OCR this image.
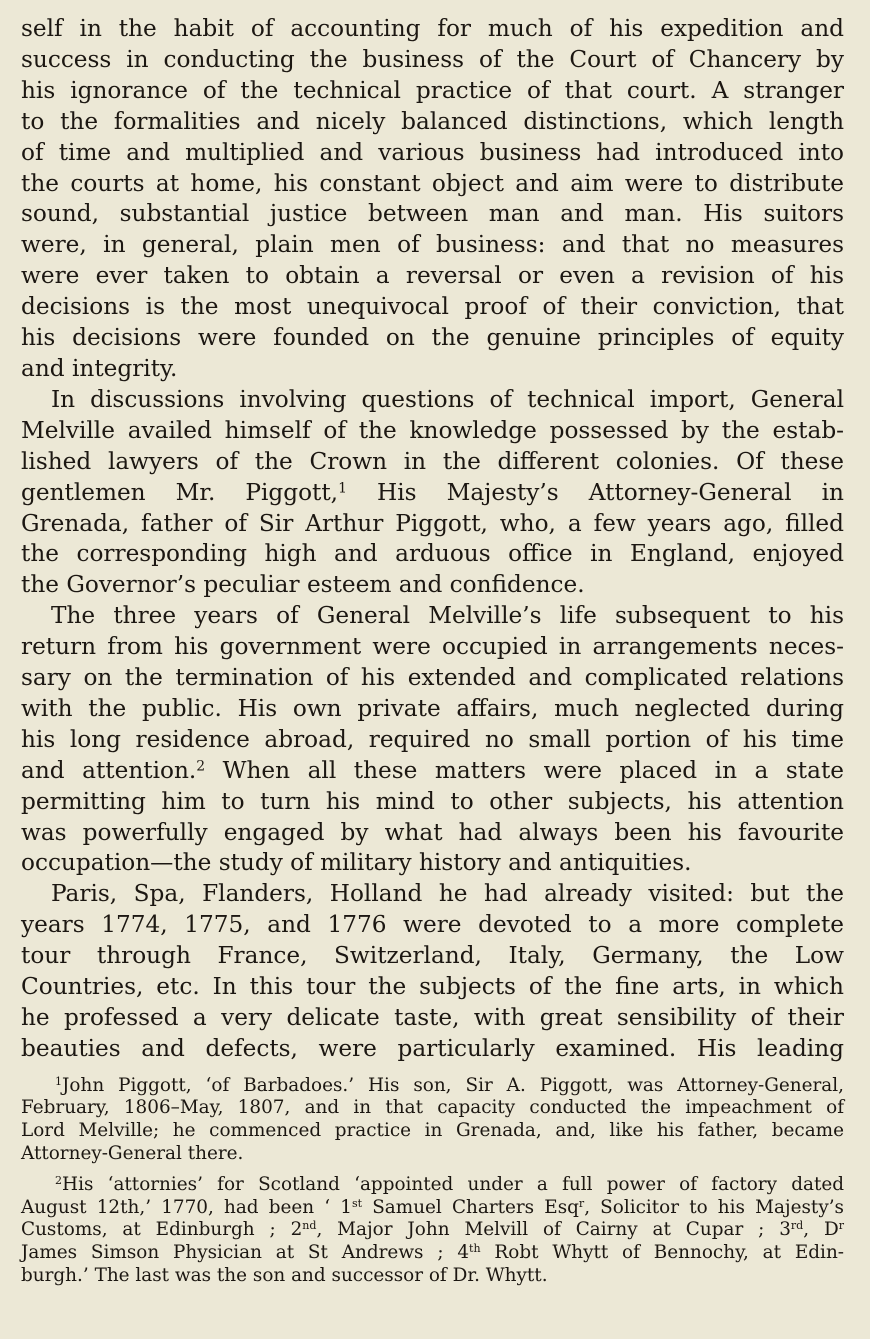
self in the habit of accounting for much of his expedition and
success in conducting the business of the Court of Chancery by
his ignorance of the technical practice of that court. A stranger
to the formalities and nicely balanced distinctions, which length
of time and multiplied and various business had introduced into
the courts at home, his constant object and aim were to distribute
sound, substantial justice between man and man. His suitors
were, in general, plain men of business: and that no measures
were ever taken to obtain a reversal or even a revision of his
decisions is the most unequivocal proof of their conviction, that
his decisions were founded on the genuine principles of equity
and integrity.

In discussions involving questions of technical import, General
Melville availed himself of the knowledge possessed by the estab-
lished lawyers of the Crown in the different colonies. Of these
gentlemen Mr. Piggott,$^1$ His Majesty’s Attorney-General in
Grenada, father of Sir Arthur Piggott, who, a few years ago, filled
the corresponding high and arduous office in England, enjoyed
the Governor’s peculiar esteem and confidence.

The three years of General Melville’s life subsequent to his
return from his government were occupied in arrangements neces-
sary on the termination of his extended and complicated relations
with the public. His own private affairs, much neglected during
his long residence abroad, required no small portion of his time
and attention.$^2$ When all these matters were placed in a state
permitting him to turn his mind to other subjects, his attention
was powerfully engaged by what had always been his favourite
occupation—the study of military history and antiquities.

Paris, Spa, Flanders, Holland he had already visited: but the
years 1774, 1775, and 1776 were devoted to a more complete
tour through France, Switzerland, Italy, Germany, the Low
Countries, etc. In this tour the subjects of the fine arts, in which
he professed a very delicate taste, with great sensibility of their
beauties and defects, were particularly examined. His leading

$^1$John Piggott, ‘of Barbadoes.’ His son, Sir A. Piggott, was Attorney-General,
February, 1806–May, 1807, and in that capacity conducted the impeachment of
Lord Melville; he commenced practice in Grenada, and, like his father, became
Attorney-General there.
$^2$His ‘attornies’ for Scotland ‘appointed under a full power of factory dated
August 12th,’ 1770, had been ‘ 1st Samuel Charters Esq$^r$, Solicitor to his Majesty’s
Customs, at Edinburgh ; 2nd, Major John Melvill of Cairny at Cupar ; 3rd, $D^r$
James Simson Physician at St Andrews ; 4th Robt Whytt of Bennochy, at Edin-
burgh.’ The last was the son and successor of Dr. Whytt.
